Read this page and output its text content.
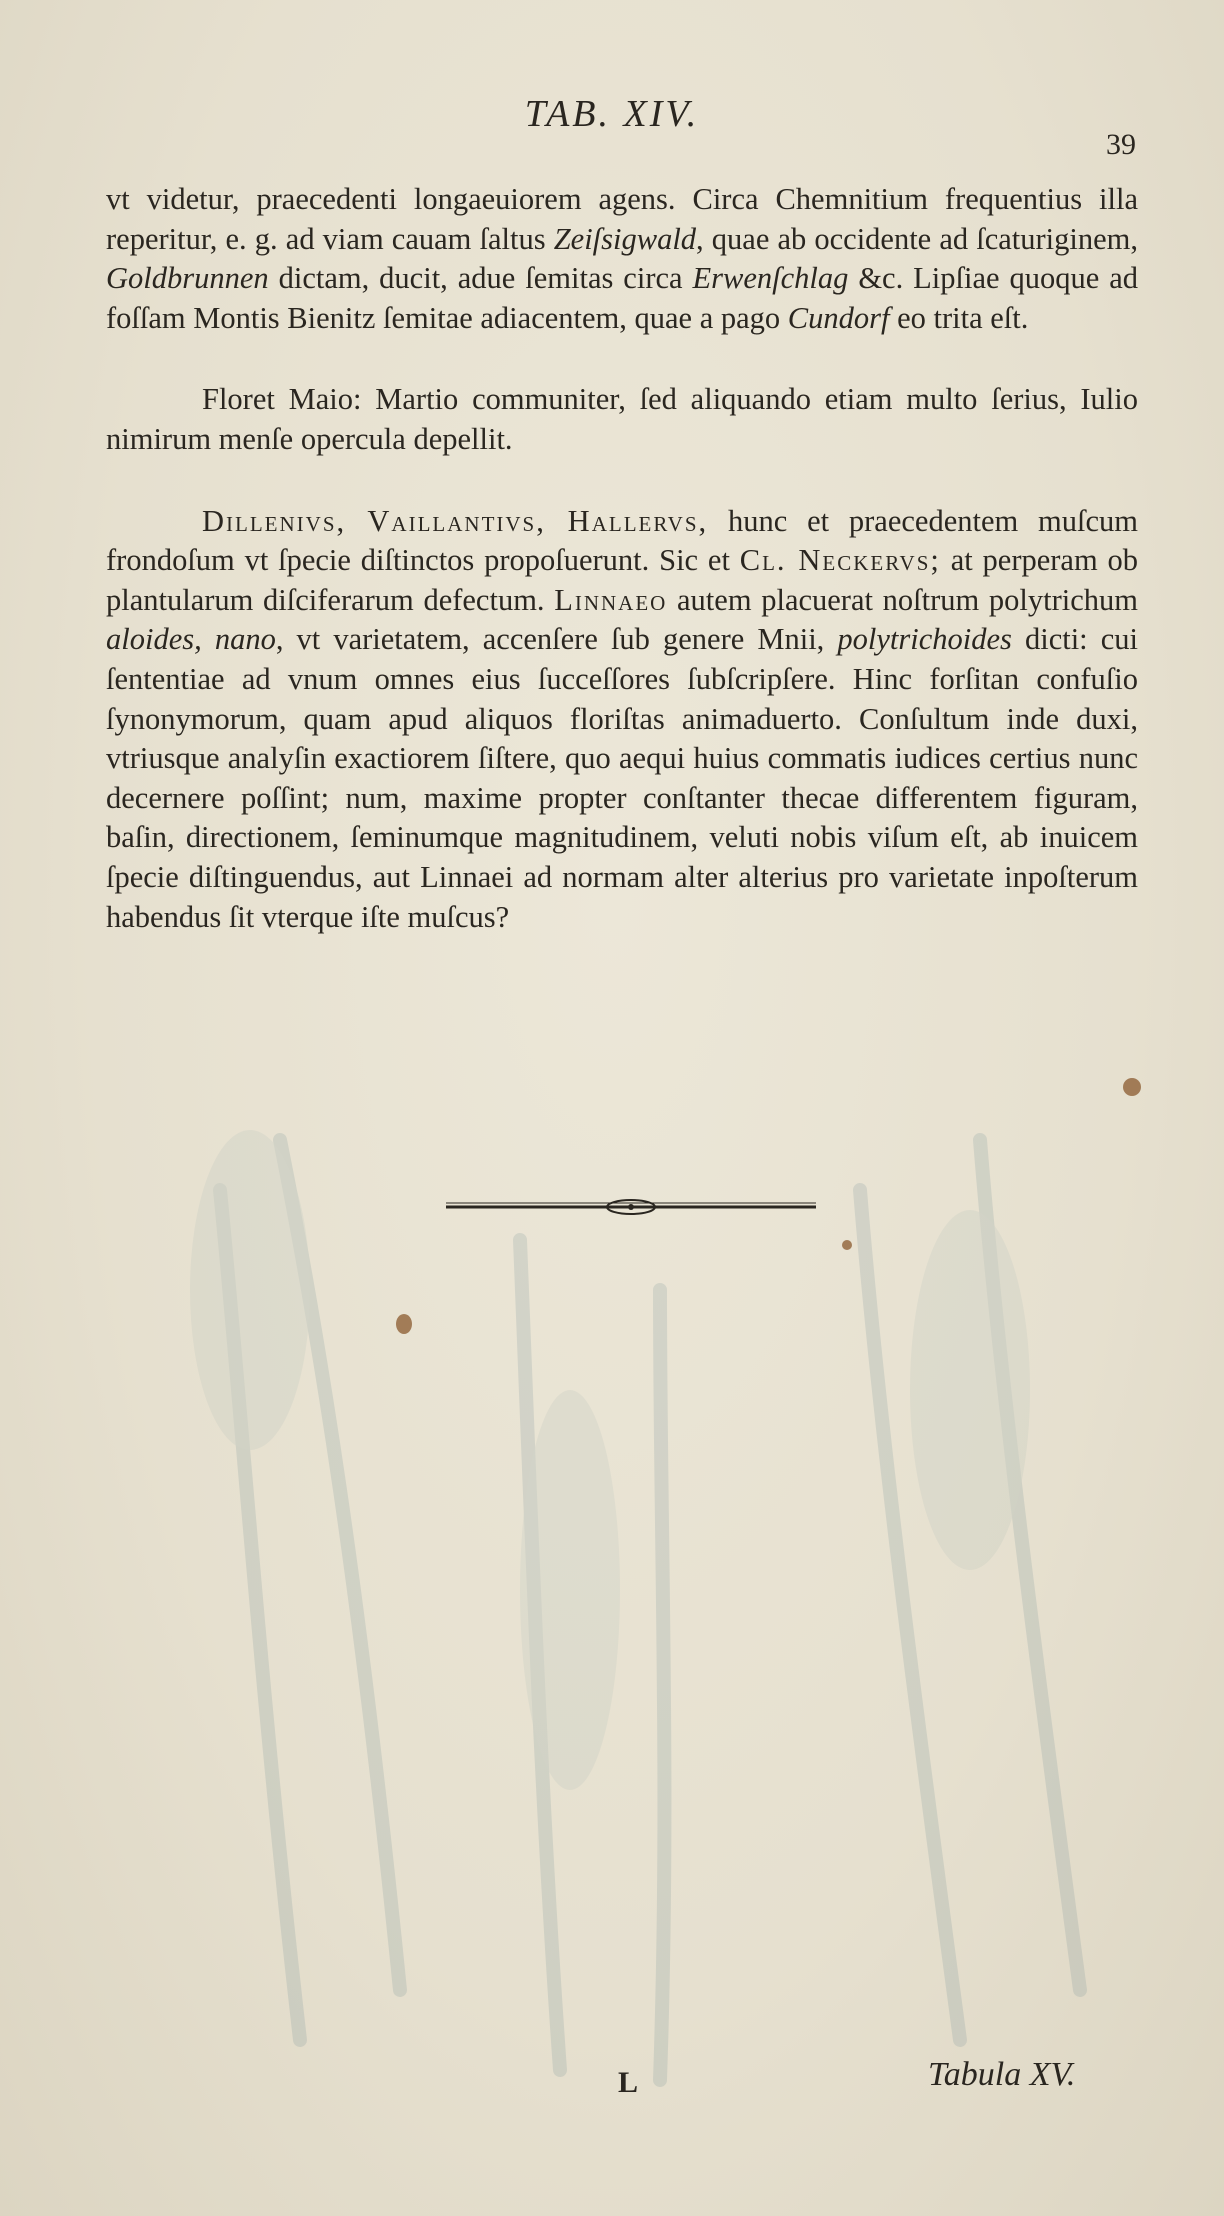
TAB. XIV.
39

vt videtur, praecedenti longaeuiorem agens. Circa Chemnitium frequentius illa reperitur, e. g. ad viam cauam ſaltus Zeiſsigwald, quae ab occidente ad ſcaturiginem, Goldbrunnen dictam, ducit, adue ſemitas circa Erwenſchlag &c. Lipſiae quoque ad foſſam Montis Bienitz ſemitae adiacentem, quae a pago Cundorf eo trita eſt.

Floret Maio: Martio communiter, ſed aliquando etiam multo ſerius, Iulio nimirum menſe opercula depellit.

Dillenivs, Vaillantivs, Hallervs, hunc et praecedentem muſcum frondoſum vt ſpecie diſtinctos propoſuerunt. Sic et Cl. Neckervs; at perperam ob plantularum diſciferarum defectum. Linnaeo autem placuerat noſtrum polytrichum aloides, nano, vt varietatem, accenſere ſub genere Mnii, polytrichoides dicti: cui ſententiae ad vnum omnes eius ſucceſſores ſubſcripſere. Hinc forſitan confuſio ſynonymorum, quam apud aliquos floriſtas animaduerto. Conſultum inde duxi, vtriusque analyſin exactiorem ſiſtere, quo aequi huius commatis iudices certius nunc decernere poſſint; num, maxime propter conſtanter thecae differentem figuram, baſin, directionem, ſeminumque magnitudinem, veluti nobis viſum eſt, ab inuicem ſpecie diſtinguendus, aut Linnaei ad normam alter alterius pro varietate inpoſterum habendus ſit vterque iſte muſcus?

L	Tabula XV.
